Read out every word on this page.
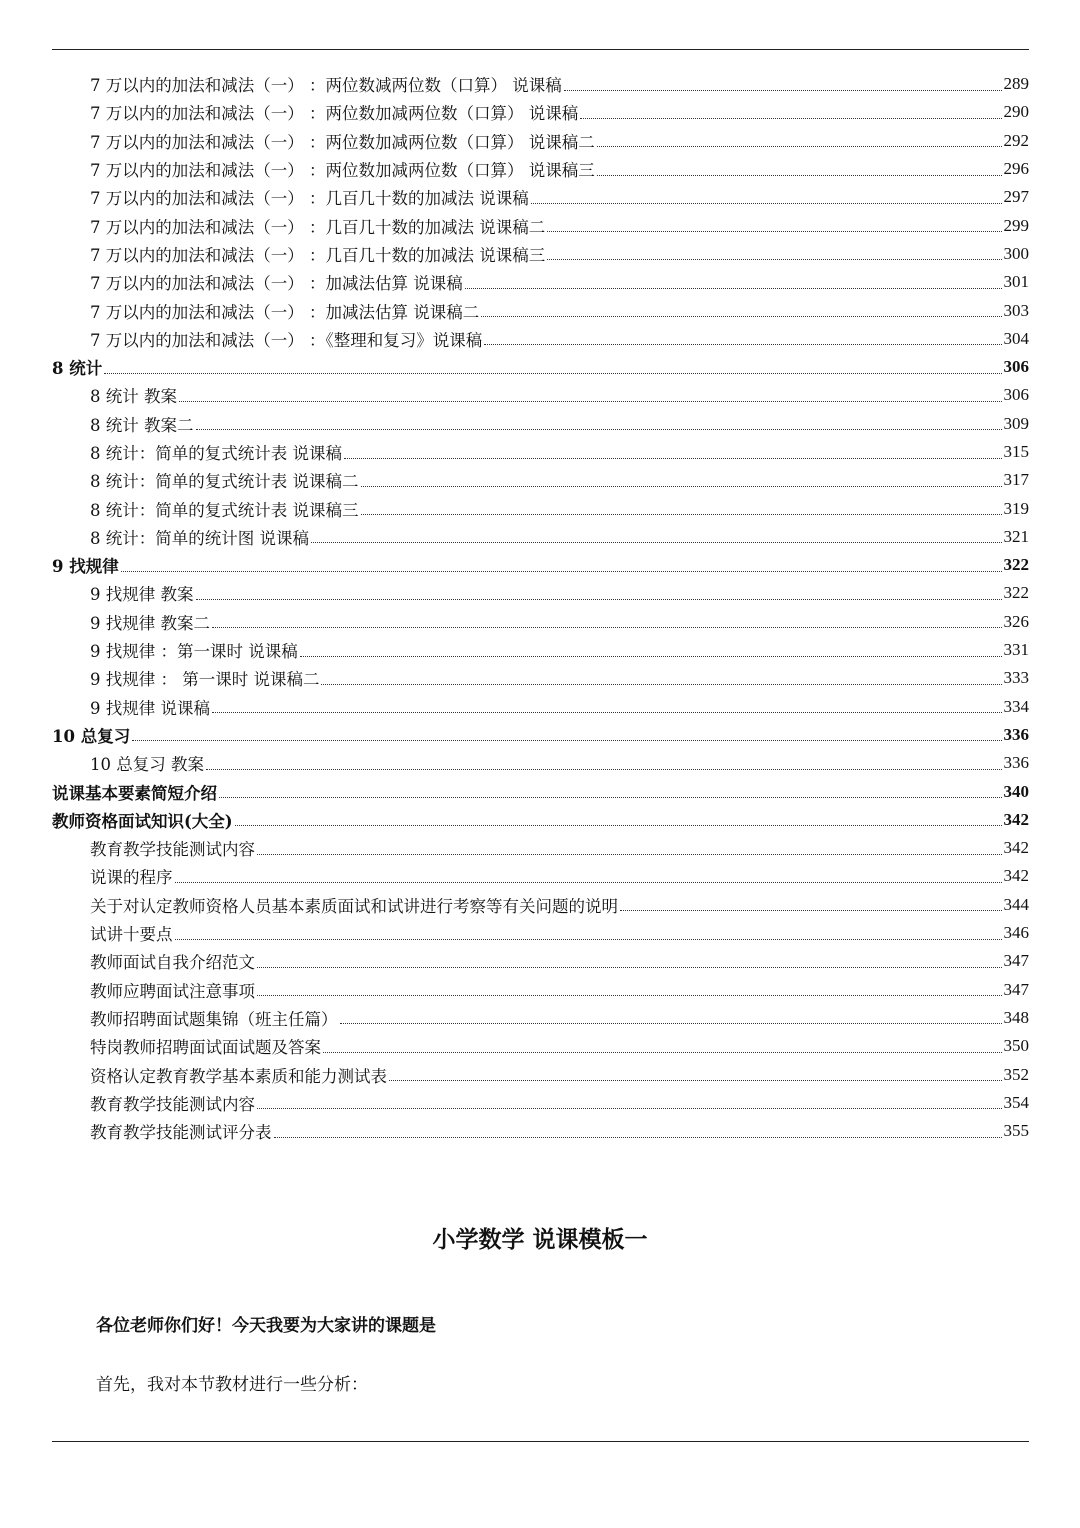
7 万以内的加法和减法（一） ：两位数减两位数（口算） 说课稿	289
7 万以内的加法和减法（一） ：两位数加减两位数（口算） 说课稿	290
7 万以内的加法和减法（一） ：两位数加减两位数（口算） 说课稿二	292
7 万以内的加法和减法（一） ：两位数加减两位数（口算） 说课稿三	296
7 万以内的加法和减法（一） ：几百几十数的加减法 说课稿	297
7 万以内的加法和减法（一） ：几百几十数的加减法 说课稿二	299
7 万以内的加法和减法（一） ：几百几十数的加减法 说课稿三	300
7 万以内的加法和减法（一） ：加减法估算 说课稿	301
7 万以内的加法和减法（一） ：加减法估算 说课稿二	303
7 万以内的加法和减法（一） ：《整理和复习》说课稿	304
8 统计	306
8 统计 教案	306
8 统计 教案二	309
8 统计：简单的复式统计表 说课稿	315
8 统计：简单的复式统计表 说课稿二	317
8 统计：简单的复式统计表 说课稿三	319
8 统计：简单的统计图 说课稿	321
9 找规律	322
9 找规律 教案	322
9 找规律 教案二	326
9 找规律 ：第一课时 说课稿	331
9 找规律 ： 第一课时 说课稿二	333
9 找规律 说课稿	334
10 总复习	336
10 总复习 教案	336
说课基本要素简短介绍	340
教师资格面试知识(大全)	342
教育教学技能测试内容	342
说课的程序	342
关于对认定教师资格人员基本素质面试和试讲进行考察等有关问题的说明	344
试讲十要点	346
教师面试自我介绍范文	347
教师应聘面试注意事项	347
教师招聘面试题集锦（班主任篇）	348
特岗教师招聘面试面试题及答案	350
资格认定教育教学基本素质和能力测试表	352
教育教学技能测试内容	354
教育教学技能测试评分表	355
小学数学 说课模板一

各位老师你们好！今天我要为大家讲的课题是

首先，我对本节教材进行一些分析：
